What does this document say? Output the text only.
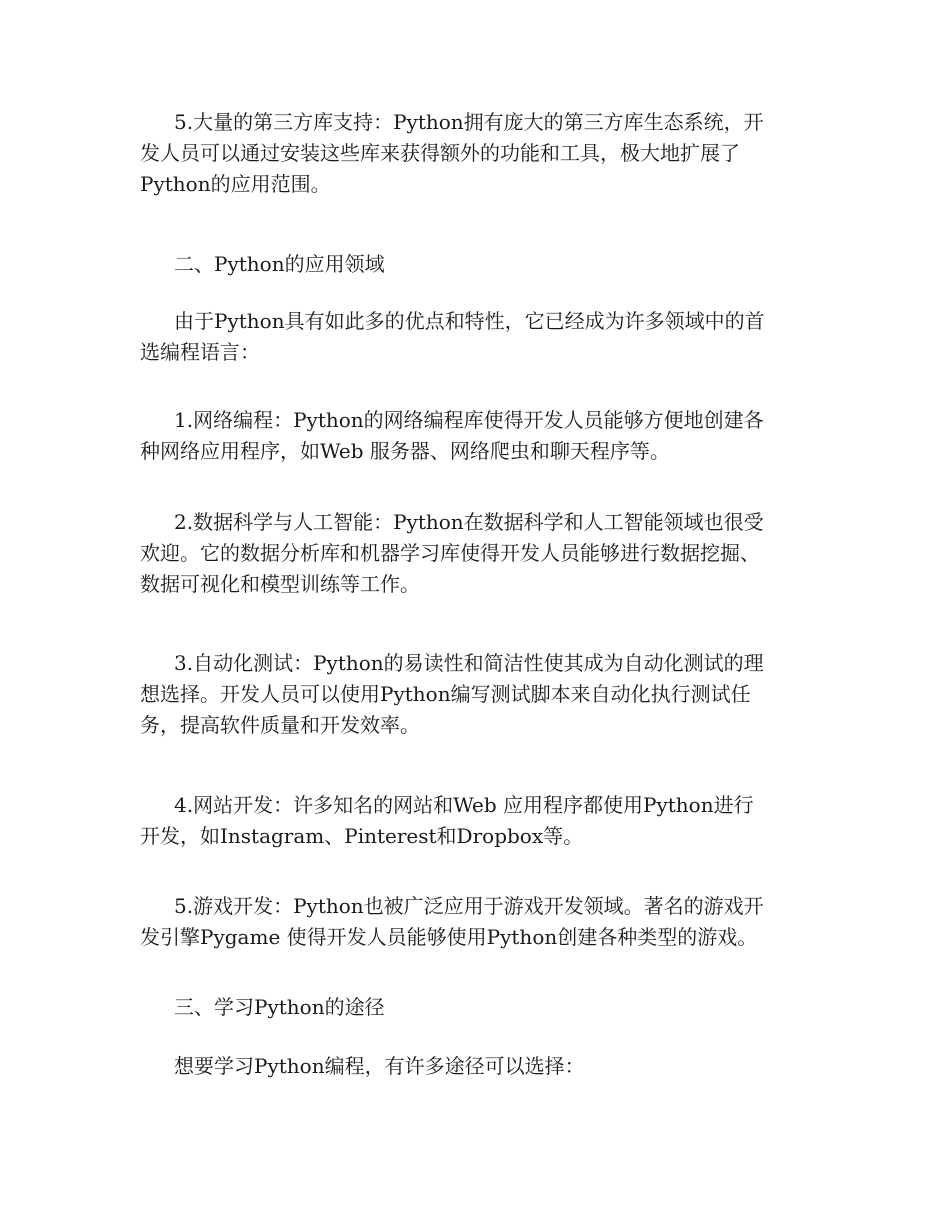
5.大量的第三方库支持：Python拥有庞大的第三方库生态系统，开
发人员可以通过安装这些库来获得额外的功能和工具，极大地扩展了
Python的应用范围。

二、Python的应用领域

由于Python具有如此多的优点和特性，它已经成为许多领域中的首
选编程语言：

1.网络编程：Python的网络编程库使得开发人员能够方便地创建各
种网络应用程序，如Web 服务器、网络爬虫和聊天程序等。

2.数据科学与人工智能：Python在数据科学和人工智能领域也很受
欢迎。它的数据分析库和机器学习库使得开发人员能够进行数据挖掘、
数据可视化和模型训练等工作。

3.自动化测试：Python的易读性和简洁性使其成为自动化测试的理
想选择。开发人员可以使用Python编写测试脚本来自动化执行测试任
务，提高软件质量和开发效率。

4.网站开发：许多知名的网站和Web 应用程序都使用Python进行
开发，如Instagram、Pinterest和Dropbox等。

5.游戏开发：Python也被广泛应用于游戏开发领域。著名的游戏开
发引擎Pygame 使得开发人员能够使用Python创建各种类型的游戏。

三、学习Python的途径

想要学习Python编程，有许多途径可以选择：
